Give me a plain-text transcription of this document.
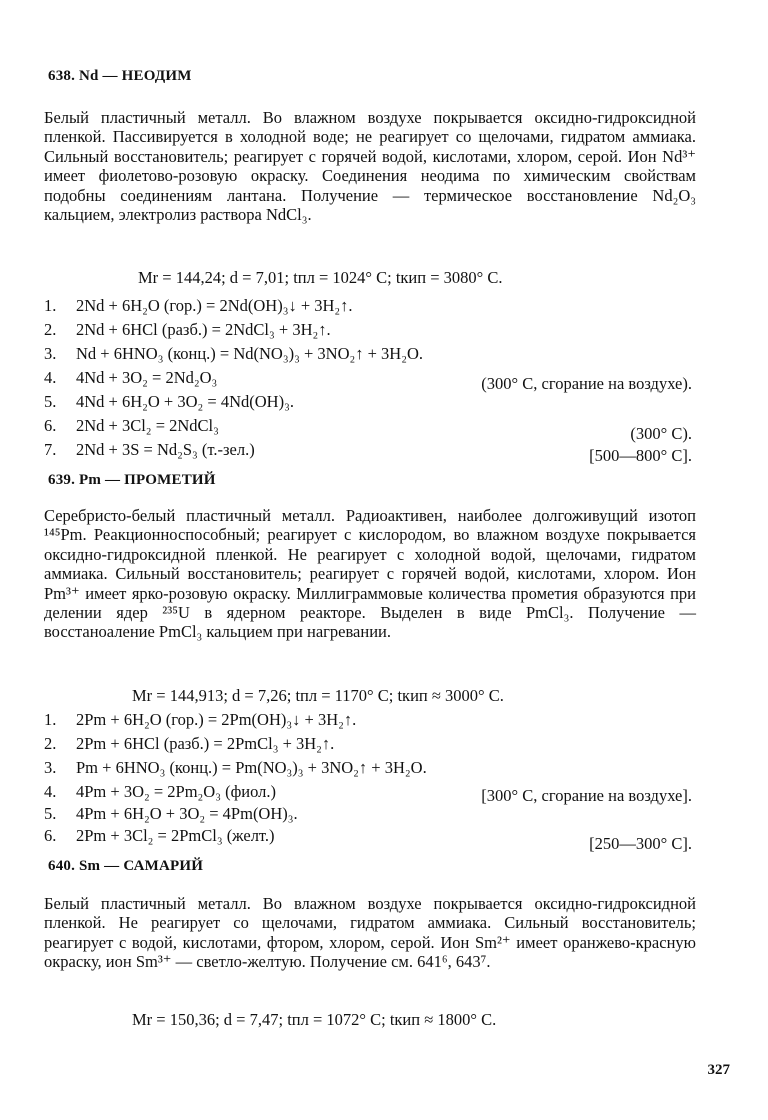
638. Nd — НЕОДИМ
Белый пластичный металл. Во влажном воздухе покрывается оксидно-гидроксидной пленкой. Пассивируется в холодной воде; не реагирует со щелочами, гидратом аммиака. Сильный восстановитель; реагирует с горячей водой, кислотами, хлором, серой. Ион Nd³⁺ имеет фиолетово-розовую окраску. Соединения неодима по химическим свойствам подобны соединениям лантана. Получение — термическое восстановление Nd₂O₃ кальцием, электролиз раствора NdCl₃.
Mr = 144,24; d = 7,01; tпл = 1024° С; tкип = 3080° С.
1.	2Nd + 6H₂O (гор.) = 2Nd(OH)₃↓ + 3H₂↑.
2.	2Nd + 6HCl (разб.) = 2NdCl₃ + 3H₂↑.
3.	Nd + 6HNO₃ (конц.) = Nd(NO₃)₃ + 3NO₂↑ + 3H₂O.
4.	4Nd + 3O₂ = 2Nd₂O₃	(300° С, сгорание на воздухе).
5.	4Nd + 6H₂O + 3O₂ = 4Nd(OH)₃.
6.	2Nd + 3Cl₂ = 2NdCl₃	(300° С).
7.	2Nd + 3S = Nd₂S₃ (т.-зел.)	[500—800° С].
639. Pm — ПРОМЕТИЙ
Серебристо-белый пластичный металл. Радиоактивен, наиболее долгоживущий изотоп ¹⁴⁵Pm. Реакционноспособный; реагирует с кислородом, во влажном воздухе покрывается оксидно-гидроксидной пленкой. Не реагирует с холодной водой, щелочами, гидратом аммиака. Сильный восстановитель; реагирует с горячей водой, кислотами, хлором. Ион Pm³⁺ имеет ярко-розовую окраску. Миллиграммовые количества прометия образуются при делении ядер ²³⁵U в ядерном реакторе. Выделен в виде PmCl₃. Получение — восстаноаление PmCl₃ кальцием при нагревании.
Mr = 144,913; d = 7,26; tпл = 1170° С; tкип ≈ 3000° С.
1.	2Pm + 6H₂O (гор.) = 2Pm(OH)₃↓ + 3H₂↑.
2.	2Pm + 6HCl (разб.) = 2PmCl₃ + 3H₂↑.
3.	Pm + 6HNO₃ (конц.) = Pm(NO₃)₃ + 3NO₂↑ + 3H₂O.
4.	4Pm + 3O₂ = 2Pm₂O₃ (фиол.)	[300° С, сгорание на воздухе].
5.	4Pm + 6H₂O + 3O₂ = 4Pm(OH)₃.
6.	2Pm + 3Cl₂ = 2PmCl₃ (желт.)	[250—300° С].
640. Sm — САМАРИЙ
Белый пластичный металл. Во влажном воздухе покрывается оксидно-гидроксидной пленкой. Не реагирует со щелочами, гидратом аммиака. Сильный восстановитель; реагирует с водой, кислотами, фтором, хлором, серой. Ион Sm²⁺ имеет оранжево-красную окраску, ион Sm³⁺ — светло-желтую. Получение см. 641⁶, 643⁷.
Mr = 150,36; d = 7,47; tпл = 1072° С; tкип ≈ 1800° С.
327
